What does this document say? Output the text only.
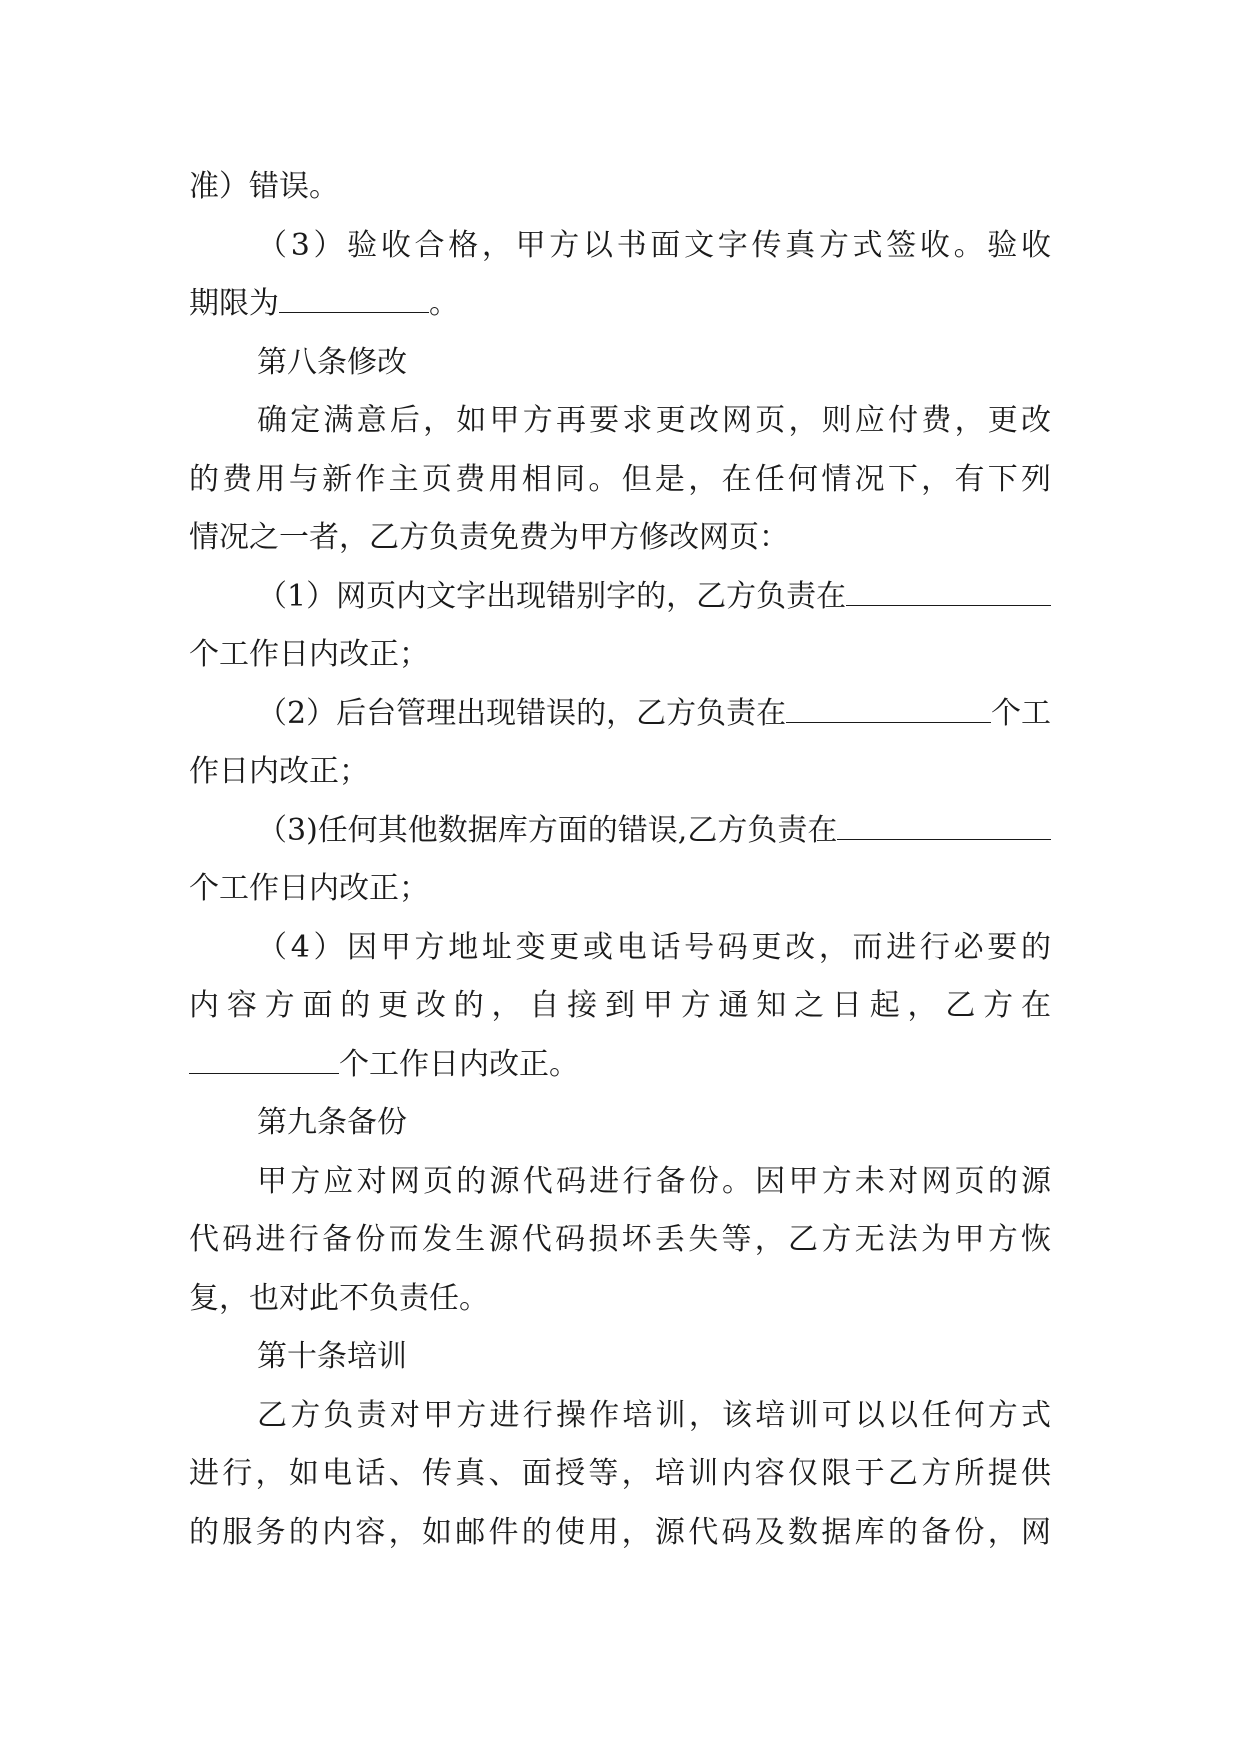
准）错误。
（3）验收合格，甲方以书面文字传真方式签收。验收
期限为	。
第八条修改
确定满意后，如甲方再要求更改网页，则应付费，更改
的费用与新作主页费用相同。但是，在任何情况下，有下列
情况之一者，乙方负责免费为甲方修改网页：
（1）网页内文字出现错别字的，乙方负责在
个工作日内改正；
（2）后台管理出现错误的，乙方负责在	个工
作日内改正；
（3)任何其他数据库方面的错误,乙方负责在
个工作日内改正；
（4）因甲方地址变更或电话号码更改，而进行必要的
内容方面的更改的，自接到甲方通知之日起，乙方在
个工作日内改正。
第九条备份
甲方应对网页的源代码进行备份。因甲方未对网页的源
代码进行备份而发生源代码损坏丢失等，乙方无法为甲方恢
复，也对此不负责任。
第十条培训
乙方负责对甲方进行操作培训，该培训可以以任何方式
进行，如电话、传真、面授等，培训内容仅限于乙方所提供
的服务的内容，如邮件的使用，源代码及数据库的备份，网
